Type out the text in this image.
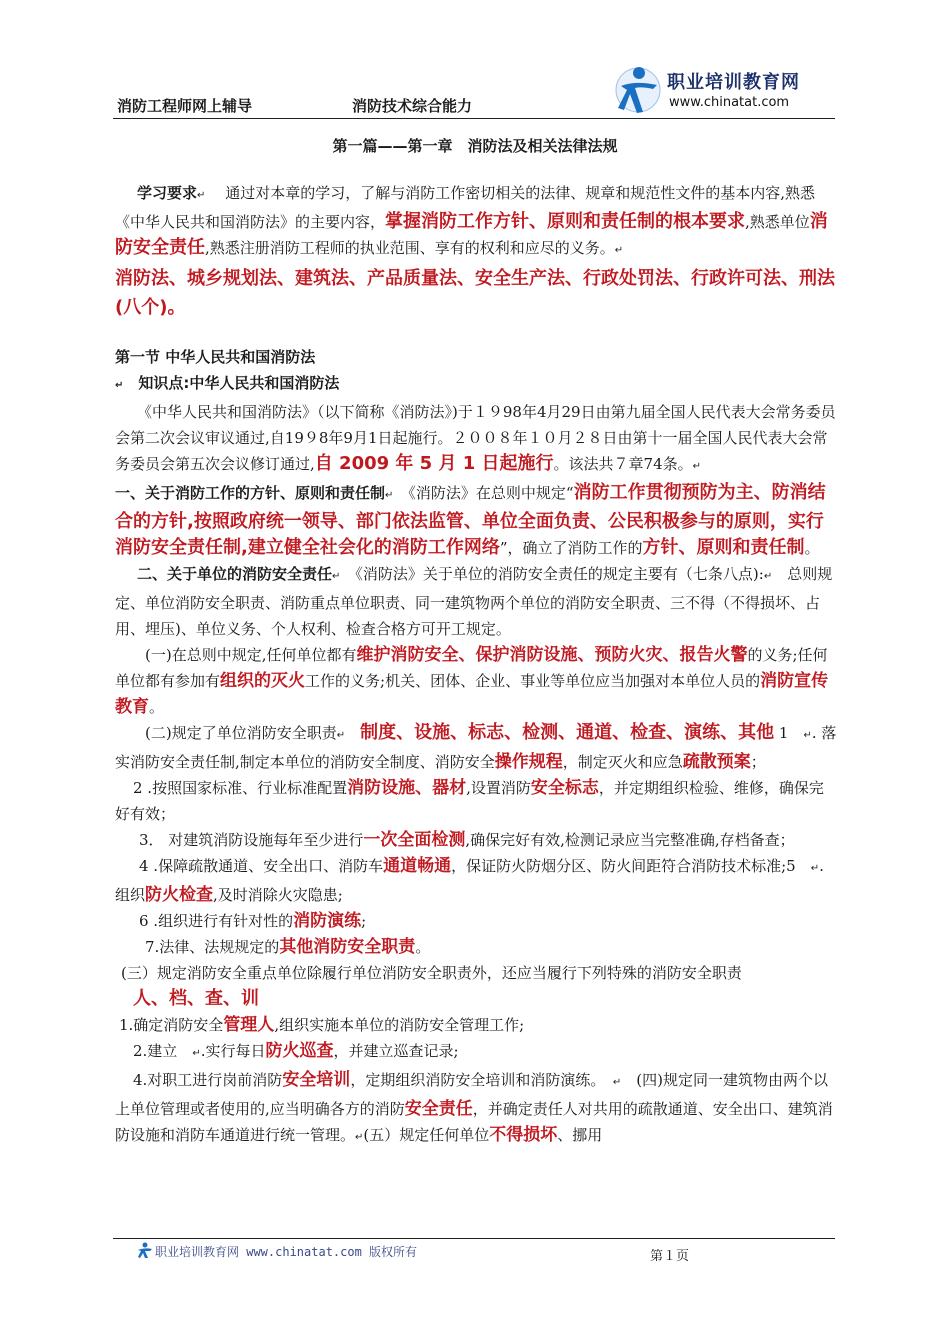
消防工程师网上辅导	消防技术综合能力
职业培训教育网
www.chinatat.com
第一篇——第一章　消防法及相关法律法规

学习要求↵ 　 通过对本章的学习，了解与消防工作密切相关的法律、规章和规范性文件的基本内容,熟悉《中华人民共和国消防法》的主要内容，掌握消防工作方针、原则和责任制的根本要求,熟悉单位消防安全责任,熟悉注册消防工程师的执业范围、享有的权利和应尽的义务。↵

消防法、城乡规划法、建筑法、产品质量法、安全生产法、行政处罚法、行政许可法、刑法(八个)。

第一节 中华人民共和国消防法

↵　 知识点:中华人民共和国消防法

《中华人民共和国消防法》（以下简称《消防法》)于１９98年4月29日由第九届全国人民代表大会常务委员会第二次会议审议通过,自19９8年9月1日起施行。２００８年１０月２８日由第十一届全国人民代表大会常务委员会第五次会议修订通过,自 2009 年 5 月 1 日起施行。该法共７章74条。↵

一、关于消防工作的方针、原则和责任制↵　 《消防法》在总则中规定“消防工作贯彻预防为主、防消结合的方针,按照政府统一领导、部门依法监管、单位全面负责、公民积极参与的原则，实行消防安全责任制,建立健全社会化的消防工作网络”，确立了消防工作的方针、原则和责任制。

二、关于单位的消防安全责任↵　 《消防法》关于单位的消防安全责任的规定主要有（七条八点):↵　 总则规定、单位消防安全职责、消防重点单位职责、同一建筑物两个单位的消防安全职责、三不得（不得损坏、占用、埋压)、单位义务、个人权利、检查合格方可开工规定。

(一)在总则中规定,任何单位都有维护消防安全、保护消防设施、预防火灾、报告火警的义务;任何单位都有参加有组织的灭火工作的义务;机关、团体、企业、事业等单位应当加强对本单位人员的消防宣传教育。

(二)规定了单位消防安全职责↵　 制度、设施、标志、检测、通道、检查、演练、其他 1　 ↵. 落实消防安全责任制,制定本单位的消防安全制度、消防安全操作规程，制定灭火和应急疏散预案；

2 .按照国家标准、行业标准配置消防设施、器材,设置消防安全标志，并定期组织检验、维修，确保完好有效；

3． 对建筑消防设施每年至少进行一次全面检测,确保完好有效,检测记录应当完整准确,存档备查；

4 .保障疏散通道、安全出口、消防车通道畅通，保证防火防烟分区、防火间距符合消防技术标准;5　 ↵.组织防火检查,及时消除火灾隐患;

6 .组织进行有针对性的消防演练;

7.法律、法规规定的其他消防安全职责。

(三）规定消防安全重点单位除履行单位消防安全职责外，还应当履行下列特殊的消防安全职责
人、档、查、训

1.确定消防安全管理人,组织实施本单位的消防安全管理工作;

2.建立　 ↵.实行每日防火巡查，并建立巡查记录;

4.对职工进行岗前消防安全培训，定期组织消防安全培训和消防演练。　 ↵　 (四)规定同一建筑物由两个以上单位管理或者使用的,应当明确各方的消防安全责任，并确定责任人对共用的疏散通道、安全出口、建筑消防设施和消防车通道进行统一管理。↵(五）规定任何单位不得损坏、挪用

职业培训教育网 www.chinatat.com 版权所有	第１页
